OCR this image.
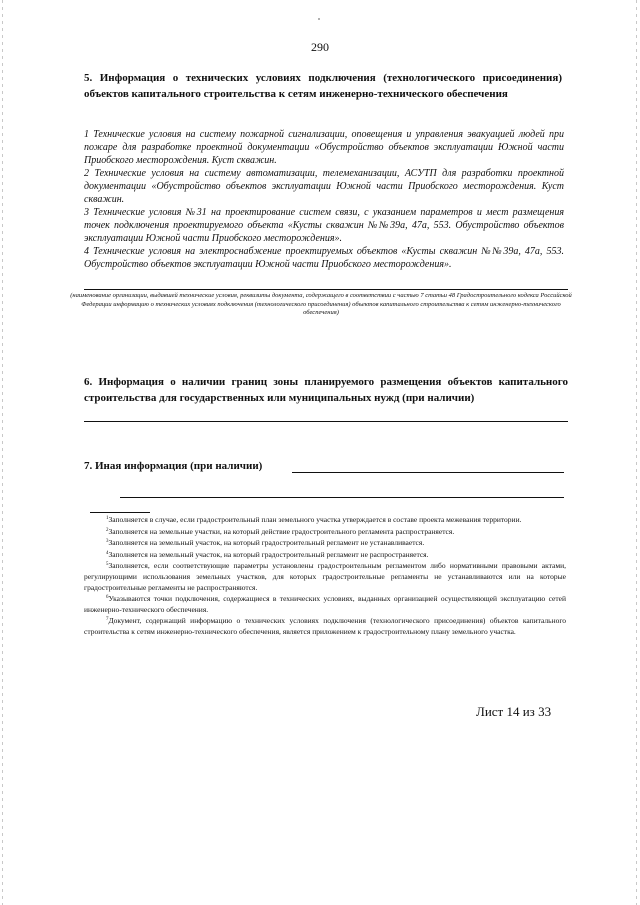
290
5. Информация о технических условиях подключения (технологического присоединения) объектов капитального строительства к сетям инженерно-технического обеспечения

1 Технические условия на систему пожарной сигнализации, оповещения и управления эвакуацией людей при пожаре для разработке проектной документации «Обустройство объектов эксплуатации Южной части Приобского месторождения. Куст скважин.

2 Технические условия на систему автоматизации, телемеханизации, АСУТП для разработки проектной документации «Обустройство объектов эксплуатации Южной части Приобского месторождения. Куст скважин.

3 Технические условия №31 на проектирование систем связи, с указанием параметров и мест размещения точек подключения проектируемого объекта «Кусты скважин №№39а, 47а, 553. Обустройство объектов эксплуатации Южной части Приобского месторождения».

4 Технические условия на электроснабжение проектируемых объектов «Кусты скважин №№39а, 47а, 553. Обустройство объектов эксплуатации Южной части Приобского месторождения».

(наименование организации, выдавшей технические условия, реквизиты документа, содержащего в соответствии с частью 7 статьи 48 Градостроительного кодекса Российской Федерации информацию о технических условиях подключения (технологического присоединения) объектов капитального строительства к сетям инженерно-технического обеспечения)
6. Информация о наличии границ зоны планируемого размещения объектов капитального строительства для государственных или муниципальных нужд (при наличии)
7. Иная информация (при наличии)

$^1$Заполняется в случае, если градостроительный план земельного участка утверждается в составе проекта межевания территории.

$^2$Заполняется на земельные участки, на который действие градостроительного регламента распространяется.

$^3$Заполняется на земельный участок, на который градостроительный регламент не устанавливается.

$^4$Заполняется на земельный участок, на который градостроительный регламент не распространяется.

$^5$Заполняется, если соответствующие параметры установлены градостроительным регламентом либо нормативными правовыми актами, регулирующими использования земельных участков, для которых градостроительные регламенты не устанавливаются или на которые градостроительные регламенты не распространяются.

$^6$Указываются точки подключения, содержащиеся в технических условиях, выданных организацией осуществляющей эксплуатацию сетей инженерно-технического обеспечения.

$^7$Документ, содержащий информацию о технических условиях подключения (технологического присоединения) объектов капитального строительства к сетям инженерно-технического обеспечения, является приложением к градостроительному плану земельного участка.

Лист 14 из 33
